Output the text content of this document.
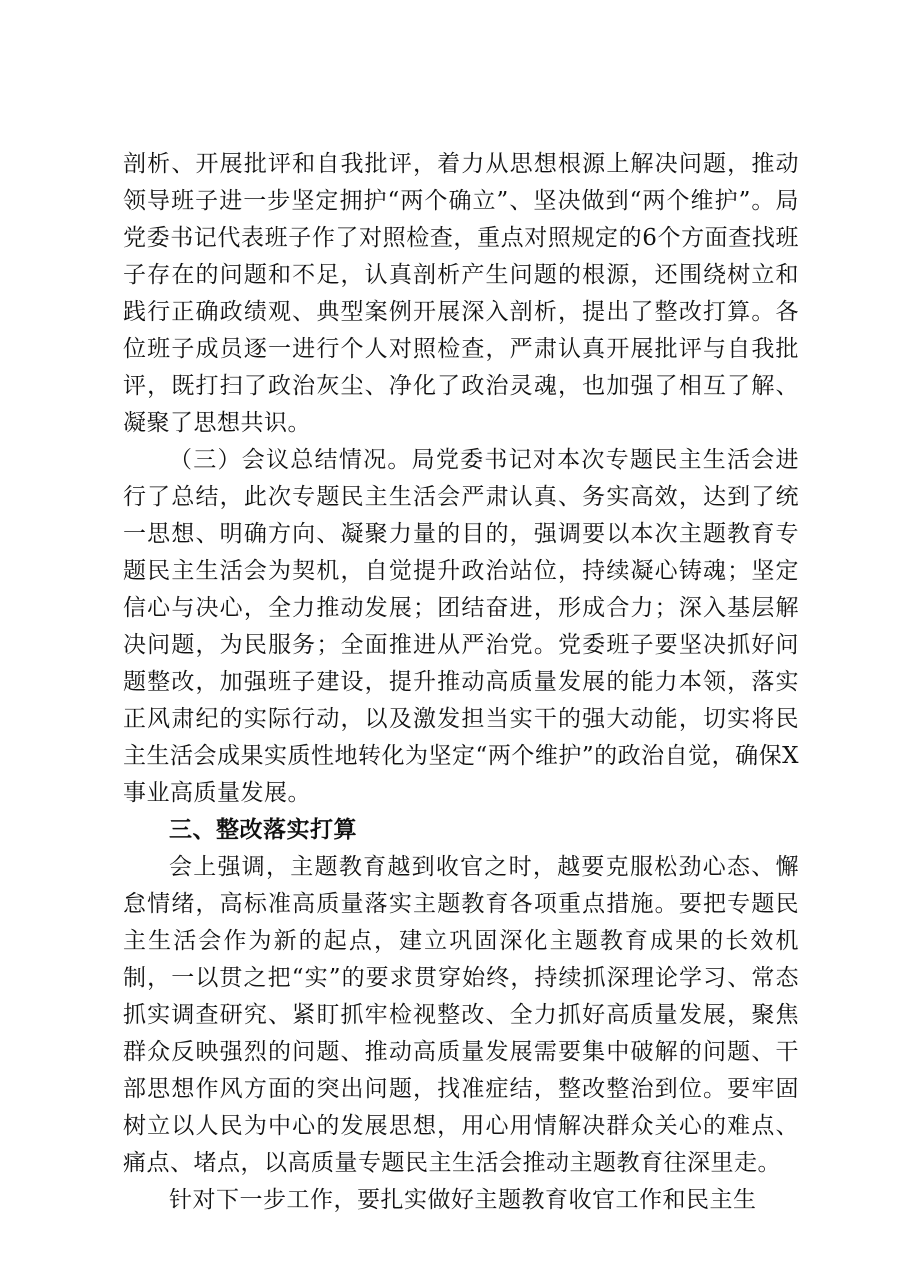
剖析、开展批评和自我批评，着力从思想根源上解决问题，推动领导班子进一步坚定拥护“两个确立”、坚决做到“两个维护”。局党委书记代表班子作了对照检查，重点对照规定的6个方面查找班子存在的问题和不足，认真剖析产生问题的根源，还围绕树立和践行正确政绩观、典型案例开展深入剖析，提出了整改打算。各位班子成员逐一进行个人对照检查，严肃认真开展批评与自我批评，既打扫了政治灰尘、净化了政治灵魂，也加强了相互了解、凝聚了思想共识。

（三）会议总结情况。局党委书记对本次专题民主生活会进行了总结，此次专题民主生活会严肃认真、务实高效，达到了统一思想、明确方向、凝聚力量的目的，强调要以本次主题教育专题民主生活会为契机，自觉提升政治站位，持续凝心铸魂；坚定信心与决心，全力推动发展；团结奋进，形成合力；深入基层解决问题，为民服务；全面推进从严治党。党委班子要坚决抓好问题整改，加强班子建设，提升推动高质量发展的能力本领，落实正风肃纪的实际行动，以及激发担当实干的强大动能，切实将民主生活会成果实质性地转化为坚定“两个维护”的政治自觉，确保X事业高质量发展。

三、整改落实打算

会上强调，主题教育越到收官之时，越要克服松劲心态、懈怠情绪，高标准高质量落实主题教育各项重点措施。要把专题民主生活会作为新的起点，建立巩固深化主题教育成果的长效机制，一以贯之把“实”的要求贯穿始终，持续抓深理论学习、常态抓实调查研究、紧盯抓牢检视整改、全力抓好高质量发展，聚焦群众反映强烈的问题、推动高质量发展需要集中破解的问题、干部思想作风方面的突出问题，找准症结，整改整治到位。要牢固树立以人民为中心的发展思想，用心用情解决群众关心的难点、痛点、堵点，以高质量专题民主生活会推动主题教育往深里走。

针对下一步工作，要扎实做好主题教育收官工作和民主生
